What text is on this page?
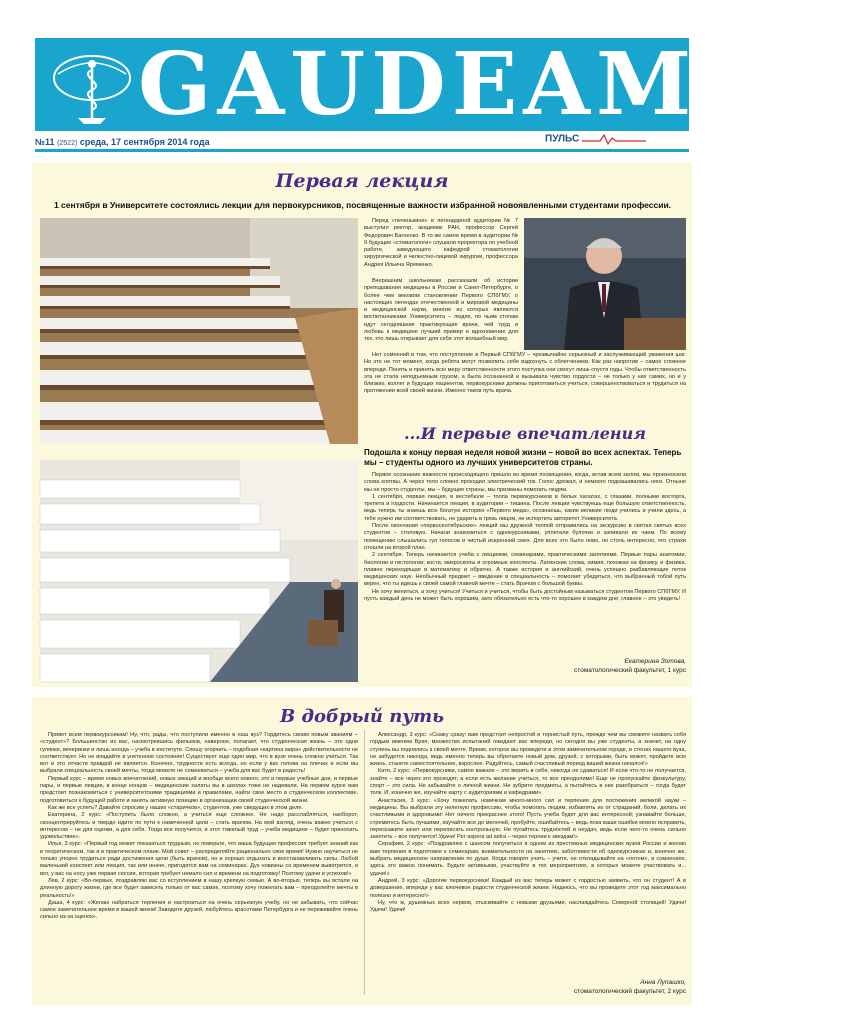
GAUDEAMUS
№11 (2522) среда, 17 сентября 2014 года	ПУЛЬС
Первая лекция
1 сентября в Университете состоялись лекции для первокурсников, посвященные важности избранной новоявленными студентами профессии.

Перед «печенькини» в легендарной аудитории № 7 выступил ректор, академик РАН, профессор Сергей Федорович Багненко. В то же самое время в аудитории № 9 будущие «стоматологи» слушали проректора по учебной работе, заведующего кафедрой стоматологии хирургической и челюстно-лицевой хирургии, профессора Андрея Ильича Яременко.

Вчерашним школьникам рассказали об истории преподавания медицины в России и Санкт-Петербурге, о более чем вековом становлении Первого СПбГМУ, о настоящих легендах отечественной и мировой медицины и медицинской науки, многие из которых являются воспитанниками Университета – людях, по чьим стопам идут сегодняшние практикующие врачи, чей труд и любовь к медицине лучший пример и вдохновение для тех, кто лишь открывает для себя этот волшебный мир.

Нет сомнений в том, что поступление в Первый СПбГМУ – чрезвычайно серьезный и заслуживающий уважения шаг. Но это не тот момент, когда ребята могут позволить себе вздохнуть с облегчением. Как раз напротив – самое сложное впереди. Понять и принять всю меру ответственности этого поступка они смогут лишь спустя годы. Чтобы ответственность эта не стала неподъемным грузом, а была осознанной и вызывала чувство гордости – не только у них самих, но и у близких, коллег и будущих пациентов, первокурсники должны приготовиться учиться, совершенствоваться и трудиться на протяжении всей своей жизни. Именно таков путь врача.

...И первые впечатления
Подошла к концу первая неделя новой жизни – новой во всех аспектах. Теперь мы – студенты одного из лучших университетов страны.

Первое осознание важности происходящего пришло во время посвящения, когда, встав всем залом, мы произносили слова клятвы. А через тело словно проходил электрический ток. Голос дрожал, и немного подкашивались ноги. Отныне мы не просто студенты, мы – будущие страны, мы призваны помогать людям.

1 сентября, первая лекция, в вестибюле – толпа первокурсников в белых халатах, с глазами, полными восторга, трепета и гордости. Начинается лекция, в аудитории – тишина. После лекции чувствуешь еще большую ответственность, ведь теперь ты знаешь всю богатую историю «Первого меда», осознаешь, какие великие люди учились и учили здесь, а тебе нужно им соответствовать, не ударить в грязь лицом, не испортить авторитет Университета.

После окончания «первосентябрьских» лекций мы дружной толпой отправились на экскурсию в святая святых всех студентов – столовую. Начали знакомиться с однокурсниками, уплетали булочки и запивали их чаем. По всему помещению слышались гул голосов и чистый искренний смех. Для всех это было ново, но столь интересно, что страхи отошли на второй план.

2 сентября. Теперь начинается учеба с лекциями, семинарами, практическими занятиями. Первые пары анатомии, биологии и гистологии; кости, микроскопы и огромные конспекты. Латинские слова, химия, похожая на физику, и физика, плавно переходящая в математику и обратно. А также история и английский, очень успешно разбавляющие поток медицинских наук. Необычный предмет – введение в специальность – помогает убедиться, что выбранный тобой путь верен, что ты идешь к своей самой главной мечте – стать Врачом с большой буквы.

Не хочу жениться, а хочу учиться! Учиться и учиться, чтобы быть достойным называться студентом Первого СПбГМУ. И пусть каждый день не может быть хорошим, зато обязательно есть что-то хорошее в каждом дне; главное – это увидеть!

Екатерина Зотова,
стоматологический факультет, 1 курс
В добрый путь

Привет всем первокурсникам! Ну, что, рады, что поступили именно в наш вуз? Гордитесь своим новым званием – «студент»? Большинство из вас, насмотревшись фильмов, наверное, полагает, что студенческая жизнь – это одни гулянки, вечеринки и лишь иногда – учеба в институте. Спешу огорчить – подобная «картина мира» действительности не соответствует. Но не впадайте в унетенное состояние! Существует еще один мир, что в вузе очень сложно учиться. Так вот и это отчасти правдой не является. Конечно, трудности есть всегда, но если у вас голова на плечах и если вы выбрали специальность своей мечты, тогда можете не сомневаться – учеба для вас будет в радость!

Первый курс – время новых впечатлений, новых эмоций и вообще всего нового; это и первые учебные дни, и первые пары, и первые лекции, в конце концов – медицинские халаты вы в школах тоже не надевали. На первом курсе вам предстоит познакомиться с университетскими традициями и правилами, найти свое место в студенческом коллективе, подготовиться к будущей работе и занять активную позицию в организации своей студенческой жизни.

Как же все успеть? Давайте спросим у наших «старичков», студентов, уже сведущих в этом деле.

Екатерина, 2 курс: «Поступить было сложно, а учиться еще сложнее. Не надо расслабляться, наоборот, сконцентрируйтесь и твердо идите по пути к намеченной цели – стать врачом. На мой взгляд, очень важно учиться с интересом – не для оценки, а для себя. Тогда все получится, и этот тяжелый труд – учеба медицине – будет приносить удовольствие».

Илья, 3 курс: «Первый год может показаться трудным, но поверьте, что ваша будущая профессия требует знаний как в теоретическом, так и в практическом плане. Мой совет – распределяйте рационально свое время! Нужно научиться не только упорно трудиться ради достижения цели (быть врачом), но и хорошо отдыхать и восстанавливать силы. Любой маленький конспект или лекция, так или иначе, пригодятся вам на семинарах. Дух новизны со временем выветрится, и вот, у вас на носу уже первая сессия, которая требует немало сил и времени на подготовку! Поэтому удачи и успехов!»

Лев, 2 курс: «Во-первых, поздравляю вас со вступлением в нашу крепкую семью. А во-вторых, теперь вы встали на длинную дорогу жизни, где все будет зависеть только от вас самих, поэтому хочу пожелать вам – преодолейте мечты в реальность!»

Даша, 4 курс: «Желаю набраться терпения и настроиться на очень серьезную учебу, но не забывать, что сейчас самое замечательное время в вашей жизни! Заводите друзей, любуйтесь красотами Петербурга и не переживайте очень сильно из-за оценок».

Александр, 3 курс: «Скажу сразу: вам предстоит непростой и тернистый путь, прежде чем вы сможете назвать себя гордым именем Врач; множество испытаний ожидают вас впереди, но сегодня вы уже студенты, а значит, на одну ступень вы поднялись к своей мечте. Время, которое вы проведете в этом замечательном городе, в стенах нашего вуза, не забудется никогда, ведь именно теперь вы обретаете новый дом, друзей, с которыми, быть может, пройдете всю жизнь, станете самостоятельнее, взрослее. Радуйтесь, самый счастливый период вашей жизни начался!»

Катя, 2 курс: «Первокурсники, самое важное – это верить в себя, никогда не сдаваться! И если что-то не получается, знайте – все через это проходят, а если есть желание учиться, то все преодолимо! Еще не пропускайте физкультуру, спорт – это сила. Не забывайте о личной жизни. Не зубрите предметы, а пытайтесь в них разобраться – тогда будет толк. И, конечно же, изучайте карту с аудиториями и кафедрами».

Анастасия, 3 курс: «Хочу пожелать новичкам много-много сил и терпения для постижения великой науки – медицины. Вы выбрали эту нелегкую профессию, чтобы помогать людям, избавлять их от страданий, боли, делать их счастливыми и здоровыми! Нет ничего прекраснее этого! Пусть учеба будет для вас интересной; узнавайте больше, стремитесь быть лучшими, изучайте все до мелочей, пробуйте, ошибайтесь – ведь пока ваши ошибки можно исправить, перескажите зачет или переписать контрольную. Не пугайтесь трудностей и неудач, ведь если чего-то очень сильно захотеть – все получится! Удачи! Per aspera ad astra – через тернии к звездам!»

Серафим, 2 курс: «Поздравляю с шансом получиться в одном из престижных медицинских вузов России и желаю вам терпения в подготовке к семинарам, внимательности на занятиях, заботливости об однокурсниках и, конечно же, выбрать медицинское направление по душе. Когда говорят учить – учите, не откладывайте на «потом», в сомнениях, здесь это важно понимать. Будьте активными, участвуйте в тех мероприятиях, в которых можете участвовать и... удачи!»

Андрей, 3 курс: «Дорогие первокурсники! Каждый из вас теперь может с гордостью заявить, что он студент! А в довершение, впереди у вас ключевое радости студенческой жизни. Надеюсь, что вы проведете этот год максимально полезно и интересно!»

Ну, что ж, душевных всех нервов, отыскивайте с новыми друзьями, наслаждайтесь Северной столицей! Удачи! Удачи! Удачи!

Анна Лупашко,
стоматологический факультет, 2 курс
